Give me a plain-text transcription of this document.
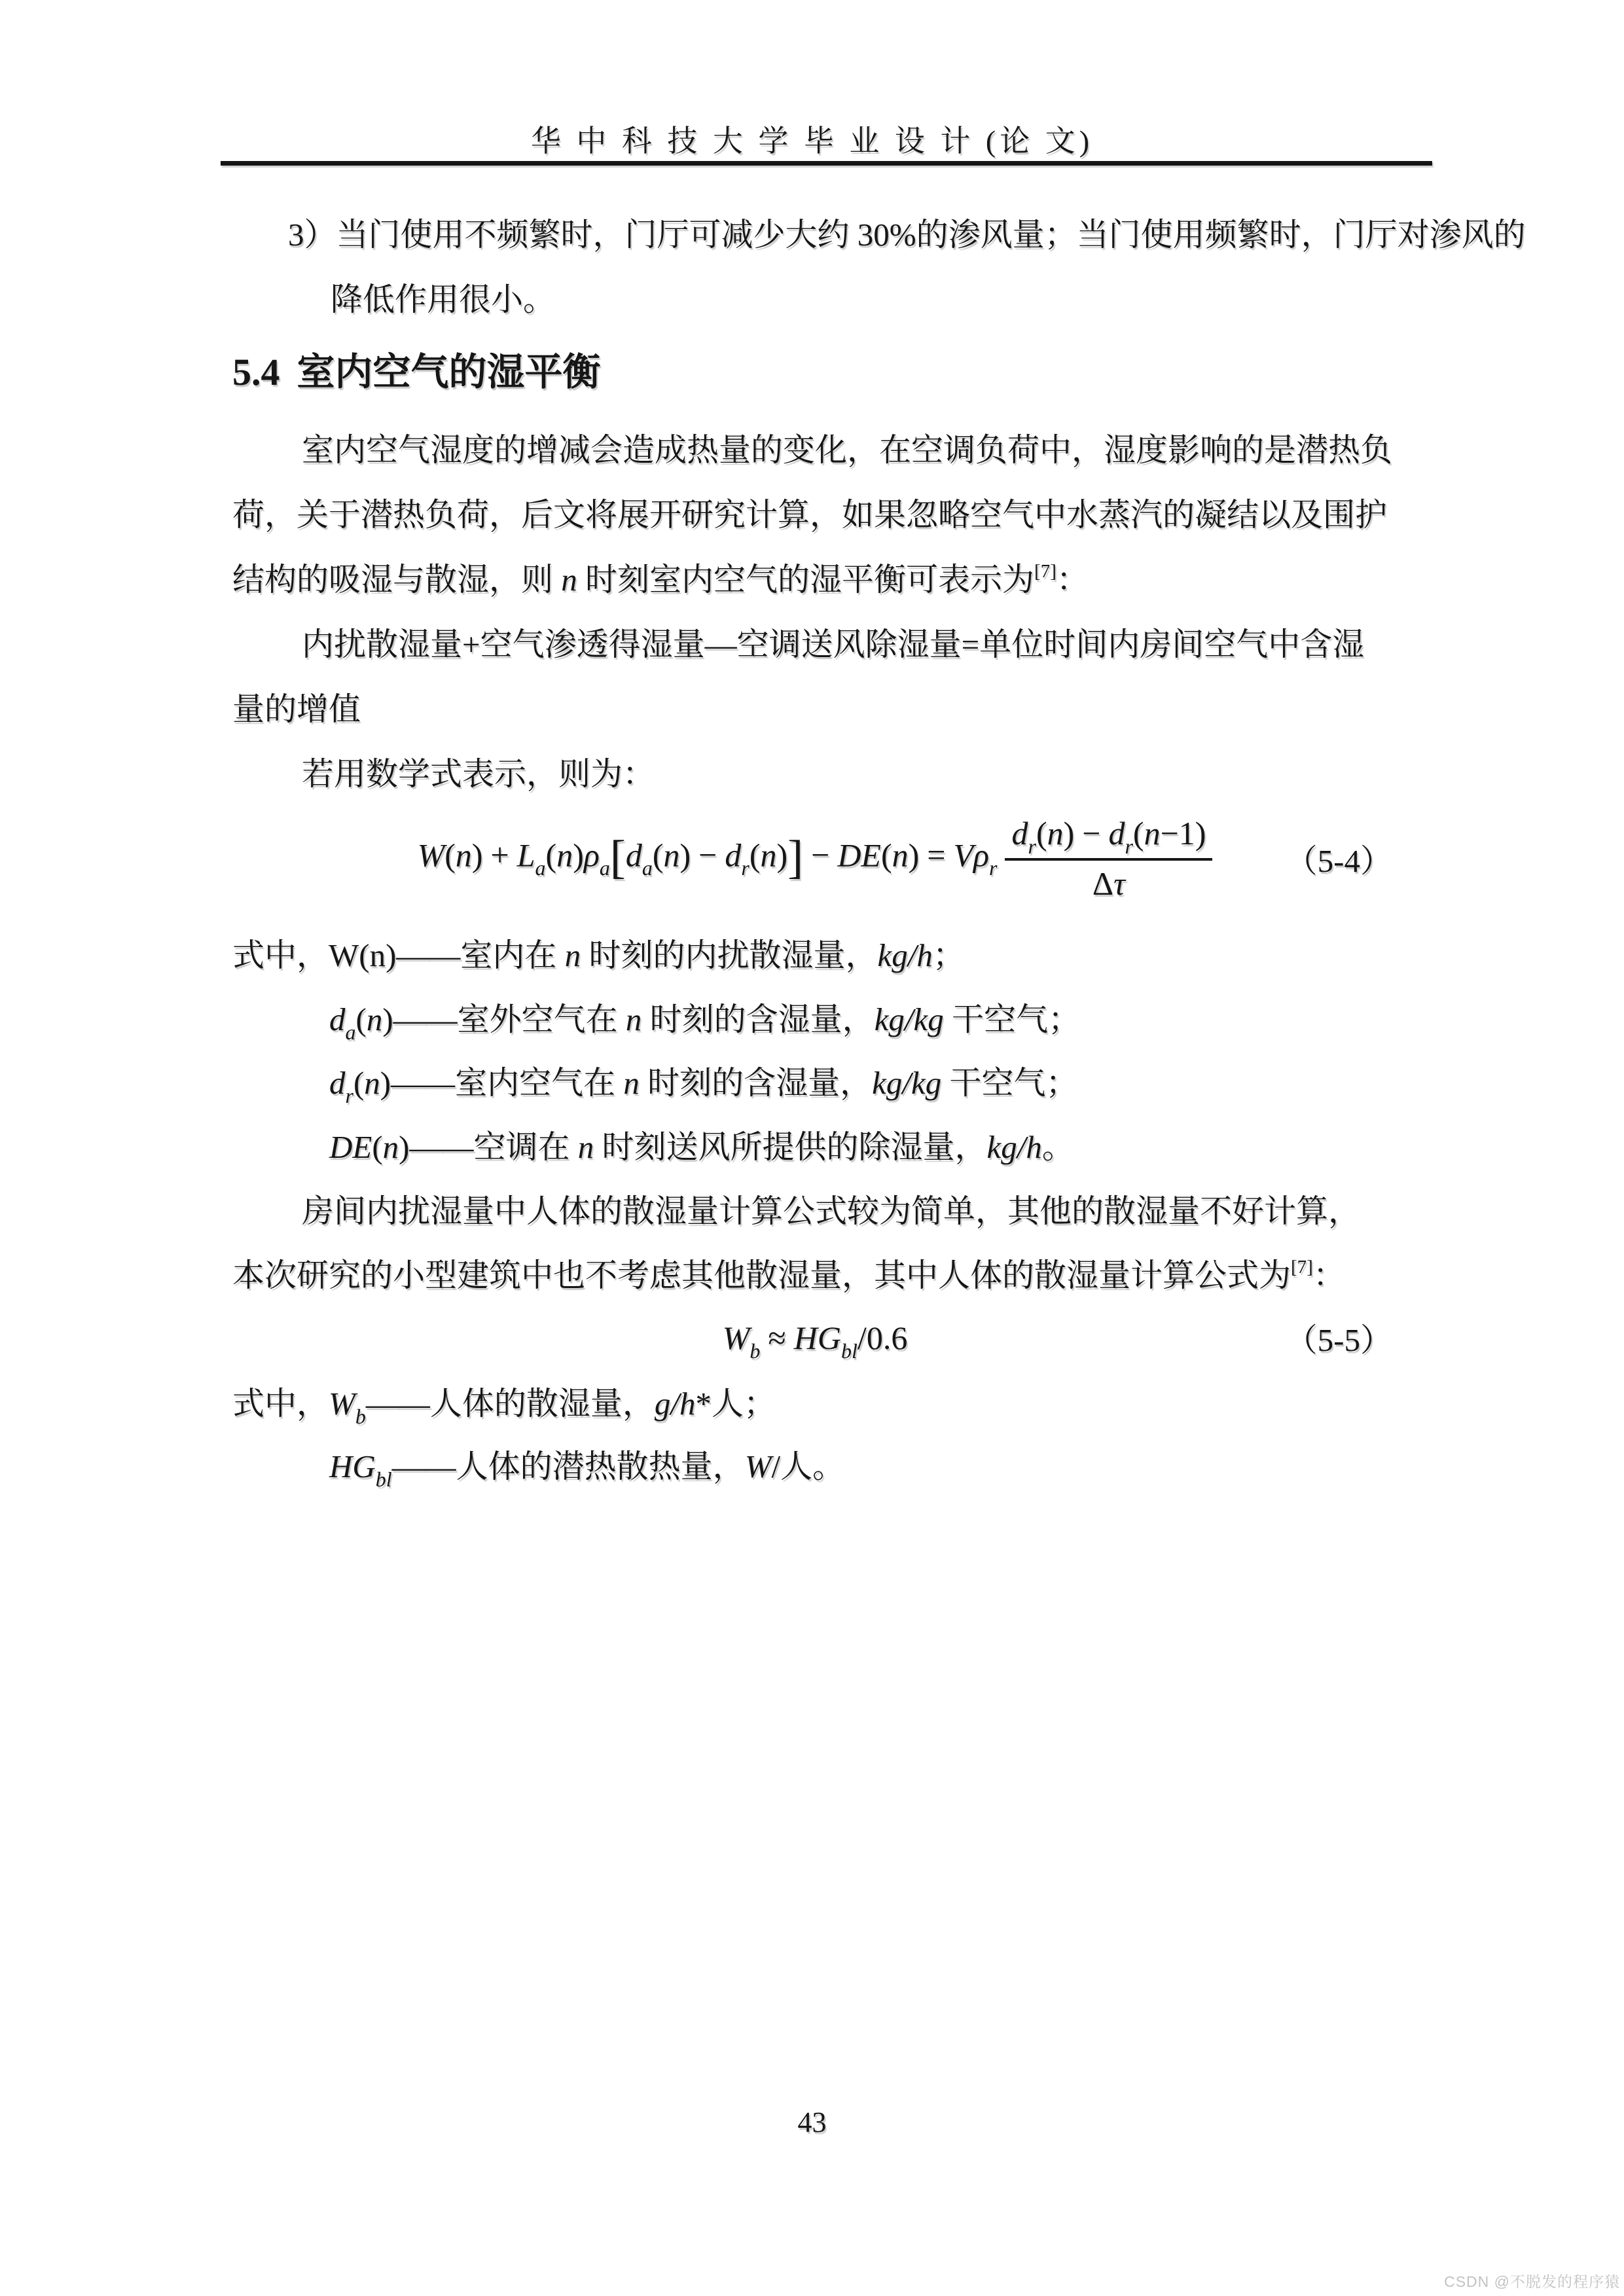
华 中 科 技 大 学 毕 业 设 计 (论 文)
3）当门使用不频繁时，门厅可减少大约 30%的渗风量；当门使用频繁时，门厅对渗风的
降低作用很小。
5.4 室内空气的湿平衡
室内空气湿度的增减会造成热量的变化，在空调负荷中，湿度影响的是潜热负
荷，关于潜热负荷，后文将展开研究计算，如果忽略空气中水蒸汽的凝结以及围护
结构的吸湿与散湿，则 n 时刻室内空气的湿平衡可表示为[7]：
内扰散湿量+空气渗透得湿量—空调送风除湿量=单位时间内房间空气中含湿
量的增值
若用数学式表示，则为：
$W(n) + L_a(n)\rho_a[d_a(n) - d_r(n)] - DE(n) = V\rho_r \frac{d_r(n) - d_r(n-1)}{\Delta\tau} (5-4)$
式中，W(n)——室内在 n 时刻的内扰散湿量，kg/h；
$d_a(n)——$室外空气在 n 时刻的含湿量，kg/kg 干空气；
$d_r(n)——$室内空气在 n 时刻的含湿量，kg/kg 干空气；
DE(n)——空调在 n 时刻送风所提供的除湿量，kg/h。
房间内扰湿量中人体的散湿量计算公式较为简单，其他的散湿量不好计算，
本次研究的小型建筑中也不考虑其他散湿量，其中人体的散湿量计算公式为[7]：
$W_b \approx HG_{bl}/0.6$	（5-5）
式中，$W_b——$人体的散湿量，g/h*人；
$HG_{bl}——$人体的潜热散热量，W/人。
43
CSDN @不脱发的程序猿
